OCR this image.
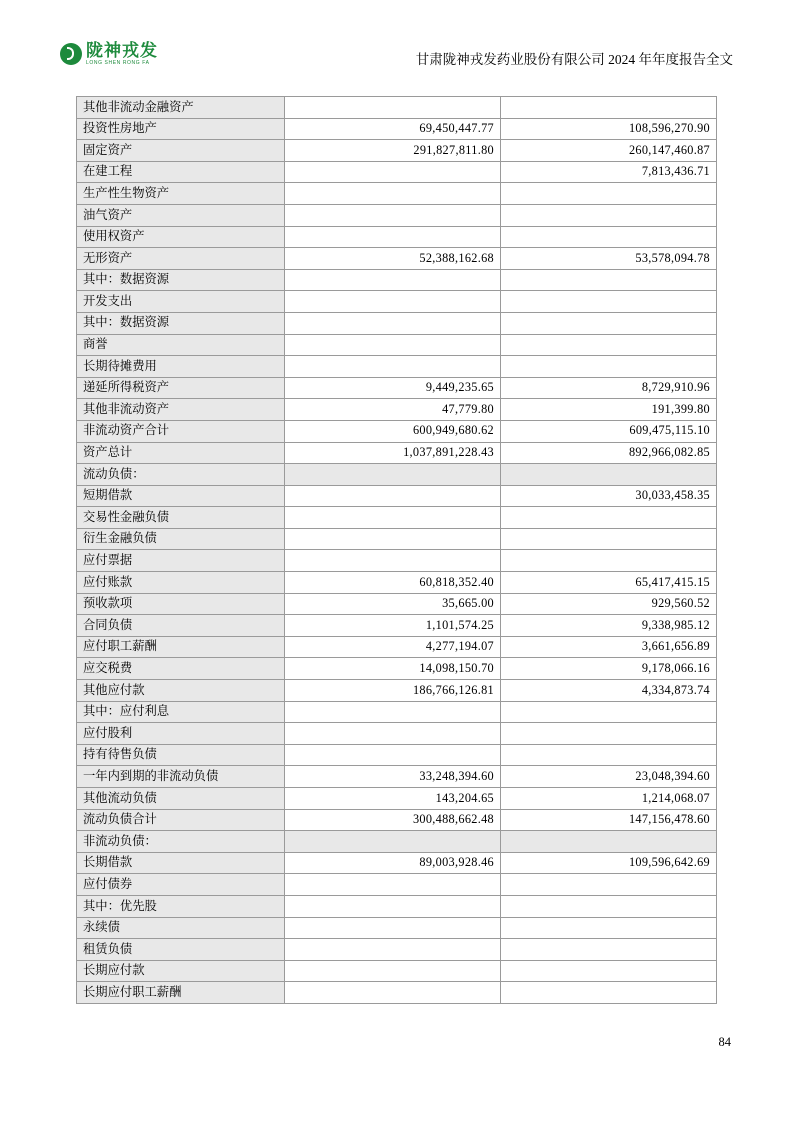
陇神戎发
LONG SHEN RONG FA	甘肃陇神戎发药业股份有限公司 2024 年年度报告全文
其他非流动金融资产		
投资性房地产	69,450,447.77	108,596,270.90
固定资产	291,827,811.80	260,147,460.87
在建工程		7,813,436.71
生产性生物资产		
油气资产		
使用权资产		
无形资产	52,388,162.68	53,578,094.78
其中：数据资源		
开发支出		
其中：数据资源		
商誉		
长期待摊费用		
递延所得税资产	9,449,235.65	8,729,910.96
其他非流动资产	47,779.80	191,399.80
非流动资产合计	600,949,680.62	609,475,115.10
资产总计	1,037,891,228.43	892,966,082.85
流动负债：		
短期借款		30,033,458.35
交易性金融负债		
衍生金融负债		
应付票据		
应付账款	60,818,352.40	65,417,415.15
预收款项	35,665.00	929,560.52
合同负债	1,101,574.25	9,338,985.12
应付职工薪酬	4,277,194.07	3,661,656.89
应交税费	14,098,150.70	9,178,066.16
其他应付款	186,766,126.81	4,334,873.74
其中：应付利息		
应付股利		
持有待售负债		
一年内到期的非流动负债	33,248,394.60	23,048,394.60
其他流动负债	143,204.65	1,214,068.07
流动负债合计	300,488,662.48	147,156,478.60
非流动负债：		
长期借款	89,003,928.46	109,596,642.69
应付债券		
其中：优先股		
永续债		
租赁负债		
长期应付款		
长期应付职工薪酬		
84
